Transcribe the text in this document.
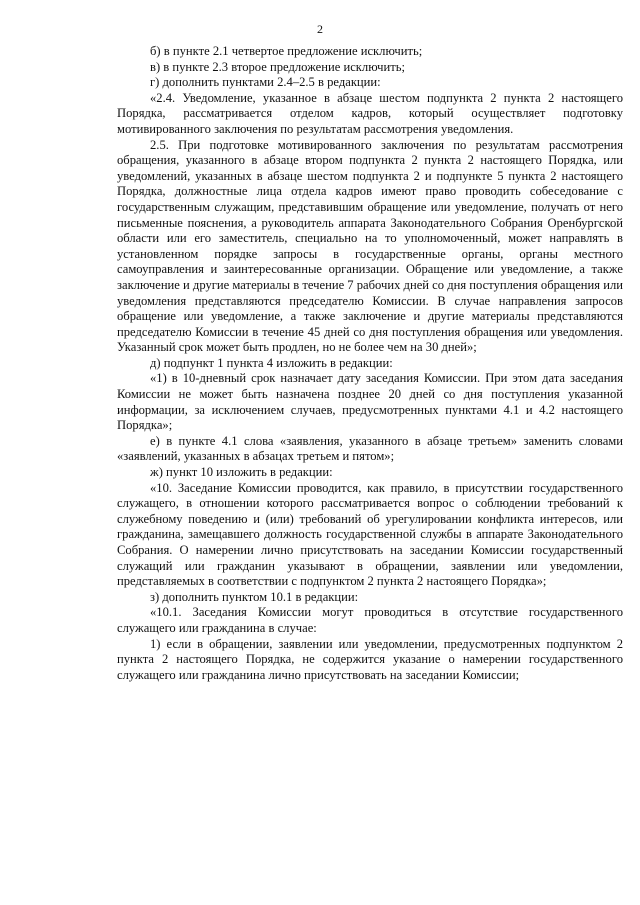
2

б) в пункте 2.1 четвертое предложение исключить;

в) в пункте 2.3 второе предложение исключить;

г) дополнить пунктами 2.4–2.5 в редакции:

«2.4. Уведомление, указанное в абзаце шестом подпункта 2 пункта 2 настоящего Порядка, рассматривается отделом кадров, который осуществляет подготовку мотивированного заключения по результатам рассмотрения уведомления.

2.5. При подготовке мотивированного заключения по результатам рассмотрения обращения, указанного в абзаце втором подпункта 2 пункта 2 настоящего Порядка, или уведомлений, указанных в абзаце шестом подпункта 2 и подпункте 5 пункта 2 настоящего Порядка, должностные лица отдела кадров имеют право проводить собеседование с государственным служащим, представившим обращение или уведомление, получать от него письменные пояснения, а руководитель аппарата Законодательного Собрания Оренбургской области или его заместитель, специально на то уполномоченный, может направлять в установленном порядке запросы в государственные органы, органы местного самоуправления и заинтересованные организации. Обращение или уведомление, а также заключение и другие материалы в течение 7 рабочих дней со дня поступления обращения или уведомления представляются председателю Комиссии. В случае направления запросов обращение или уведомление, а также заключение и другие материалы представляются председателю Комиссии в течение 45 дней со дня поступления обращения или уведомления. Указанный срок может быть продлен, но не более чем на 30 дней»;

д) подпункт 1 пункта 4 изложить в редакции:

«1) в 10-дневный срок назначает дату заседания Комиссии. При этом дата заседания Комиссии не может быть назначена позднее 20 дней со дня поступления указанной информации, за исключением случаев, предусмотренных пунктами 4.1 и 4.2 настоящего Порядка»;

е) в пункте 4.1 слова «заявления, указанного в абзаце третьем» заменить словами «заявлений, указанных в абзацах третьем и пятом»;

ж) пункт 10 изложить в редакции:

«10. Заседание Комиссии проводится, как правило, в присутствии государственного служащего, в отношении которого рассматривается вопрос о соблюдении требований к служебному поведению и (или) требований об урегулировании конфликта интересов, или гражданина, замещавшего должность государственной службы в аппарате Законодательного Собрания. О намерении лично присутствовать на заседании Комиссии государственный служащий или гражданин указывают в обращении, заявлении или уведомлении, представляемых в соответствии с подпунктом 2 пункта 2 настоящего Порядка»;

з) дополнить пунктом 10.1 в редакции:

«10.1. Заседания Комиссии могут проводиться в отсутствие государственного служащего или гражданина в случае:

1) если в обращении, заявлении или уведомлении, предусмотренных подпунктом 2 пункта 2 настоящего Порядка, не содержится указание о намерении государственного служащего или гражданина лично присутствовать на заседании Комиссии;
